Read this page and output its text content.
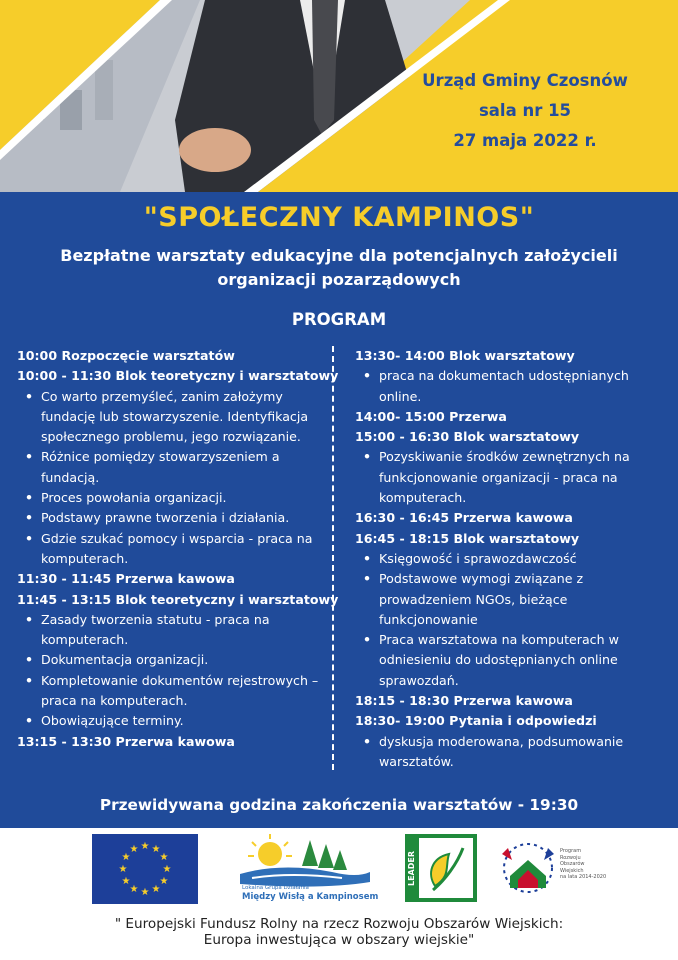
Urząd Gminy Czosnów
sala nr 15
27 maja 2022 r.
"SPOŁECZNY KAMPINOS"
Bezpłatne warsztaty edukacyjne dla potencjalnych założycieli
organizacji pozarządowych
PROGRAM
10:00 Rozpoczęcie warsztatów
10:00 - 11:30 Blok teoretyczny i warsztatowy
• Co warto przemyśleć, zanim założymy fundację lub stowarzyszenie. Identyfikacja społecznego problemu, jego rozwiązanie.
• Różnice pomiędzy stowarzyszeniem a fundacją.
• Proces powołania organizacji.
• Podstawy prawne tworzenia i działania.
• Gdzie szukać pomocy i wsparcia - praca na komputerach.
11:30 - 11:45 Przerwa kawowa
11:45 - 13:15 Blok teoretyczny i warsztatowy
• Zasady tworzenia statutu - praca na komputerach.
• Dokumentacja organizacji.
• Kompletowanie dokumentów rejestrowych – praca na komputerach.
• Obowiązujące terminy.
13:15 - 13:30 Przerwa kawowa
13:30- 14:00 Blok warsztatowy
• praca na dokumentach udostępnianych online.
14:00- 15:00 Przerwa
15:00 - 16:30 Blok warsztatowy
• Pozyskiwanie środków zewnętrznych na funkcjonowanie organizacji - praca na komputerach.
16:30 - 16:45 Przerwa kawowa
16:45 - 18:15 Blok warsztatowy
• Księgowość i sprawozdawczość
• Podstawowe wymogi związane z prowadzeniem NGOs, bieżące funkcjonowanie
• Praca warsztatowa na komputerach w odniesieniu do udostępnianych online sprawozdań.
18:15 - 18:30 Przerwa kawowa
18:30- 19:00 Pytania i odpowiedzi
• dyskusja moderowana, podsumowanie warsztatów.
Przewidywana godzina zakończenia warsztatów - 19:30
★ ★
★
★
★
★
★
★
★
★
★
★
Lokalna Grupa Działania
Między Wisłą a Kampinosem
LEADER	Program
Rozwoju
Obszarów
Wiejskich
na lata 2014-2020
" Europejski Fundusz Rolny na rzecz Rozwoju Obszarów Wiejskich:
Europa inwestująca w obszary wiejskie"
